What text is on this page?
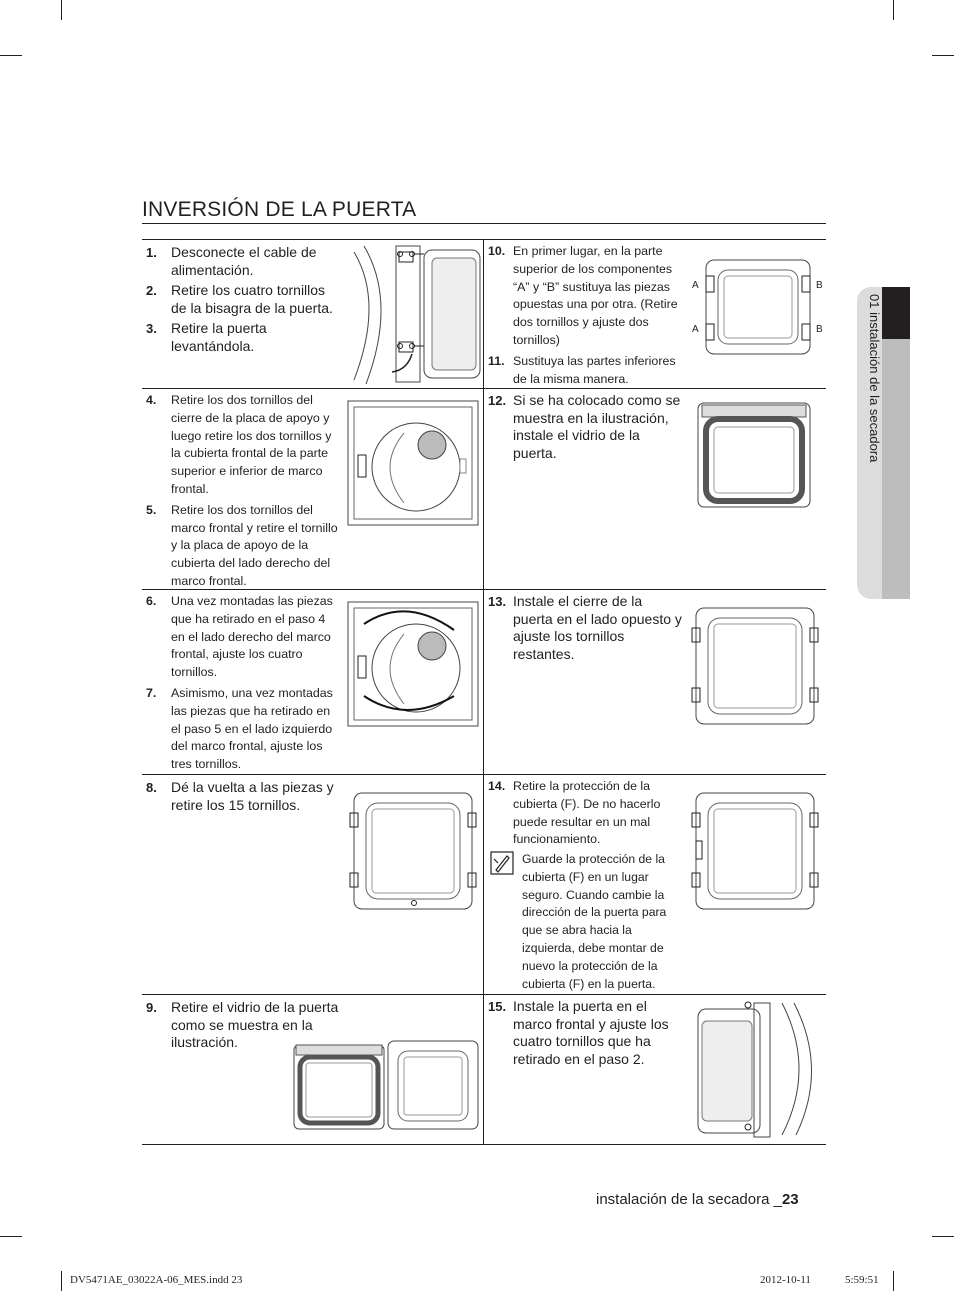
01 instalación de la secadora
INVERSIÓN DE LA PUERTA
1.	Desconecte el cable de alimentación.
2.	Retire los cuatro tornillos de la bisagra de la puerta.
3.	Retire la puerta levantándola.
10. En primer lugar, en la parte superior de los componentes “A” y “B” sustituya las piezas opuestas una por otra. (Retire dos tornillos y ajuste dos tornillos)
11. Sustituya las partes inferiores de la misma manera.
A	B
A	B
4.	Retire los dos tornillos del cierre de la placa de apoyo y luego retire los dos tornillos y la cubierta frontal de la parte superior e inferior de marco frontal.
5.	Retire los dos tornillos del marco frontal y retire el tornillo y la placa de apoyo de la cubierta del lado derecho del marco frontal.
12. Si se ha colocado como se muestra en la ilustración, instale el vidrio de la puerta.
6.	Una vez montadas las piezas que ha retirado en el paso 4 en el lado derecho del marco frontal, ajuste los cuatro tornillos.
7.	Asimismo, una vez montadas las piezas que ha retirado en el paso 5 en el lado izquierdo del marco frontal, ajuste los tres tornillos.
13. Instale el cierre de la puerta en el lado opuesto y ajuste los tornillos restantes.
8.	Dé la vuelta a las piezas y retire los 15 tornillos.
14. Retire la protección de la cubierta (F). De no hacerlo puede resultar en un mal funcionamiento.
Guarde la protección de la cubierta (F) en un lugar seguro. Cuando cambie la dirección de la puerta para que se abra hacia la izquierda, debe montar de nuevo la protección de la cubierta (F) en la puerta.
9.	Retire el vidrio de la puerta como se muestra en la ilustración.
15. Instale la puerta en el marco frontal y ajuste los cuatro tornillos que ha retirado en el paso 2.
instalación de la secadora _23
DV5471AE_03022A-06_MES.indd 23	2012-10-11	5:59:51
